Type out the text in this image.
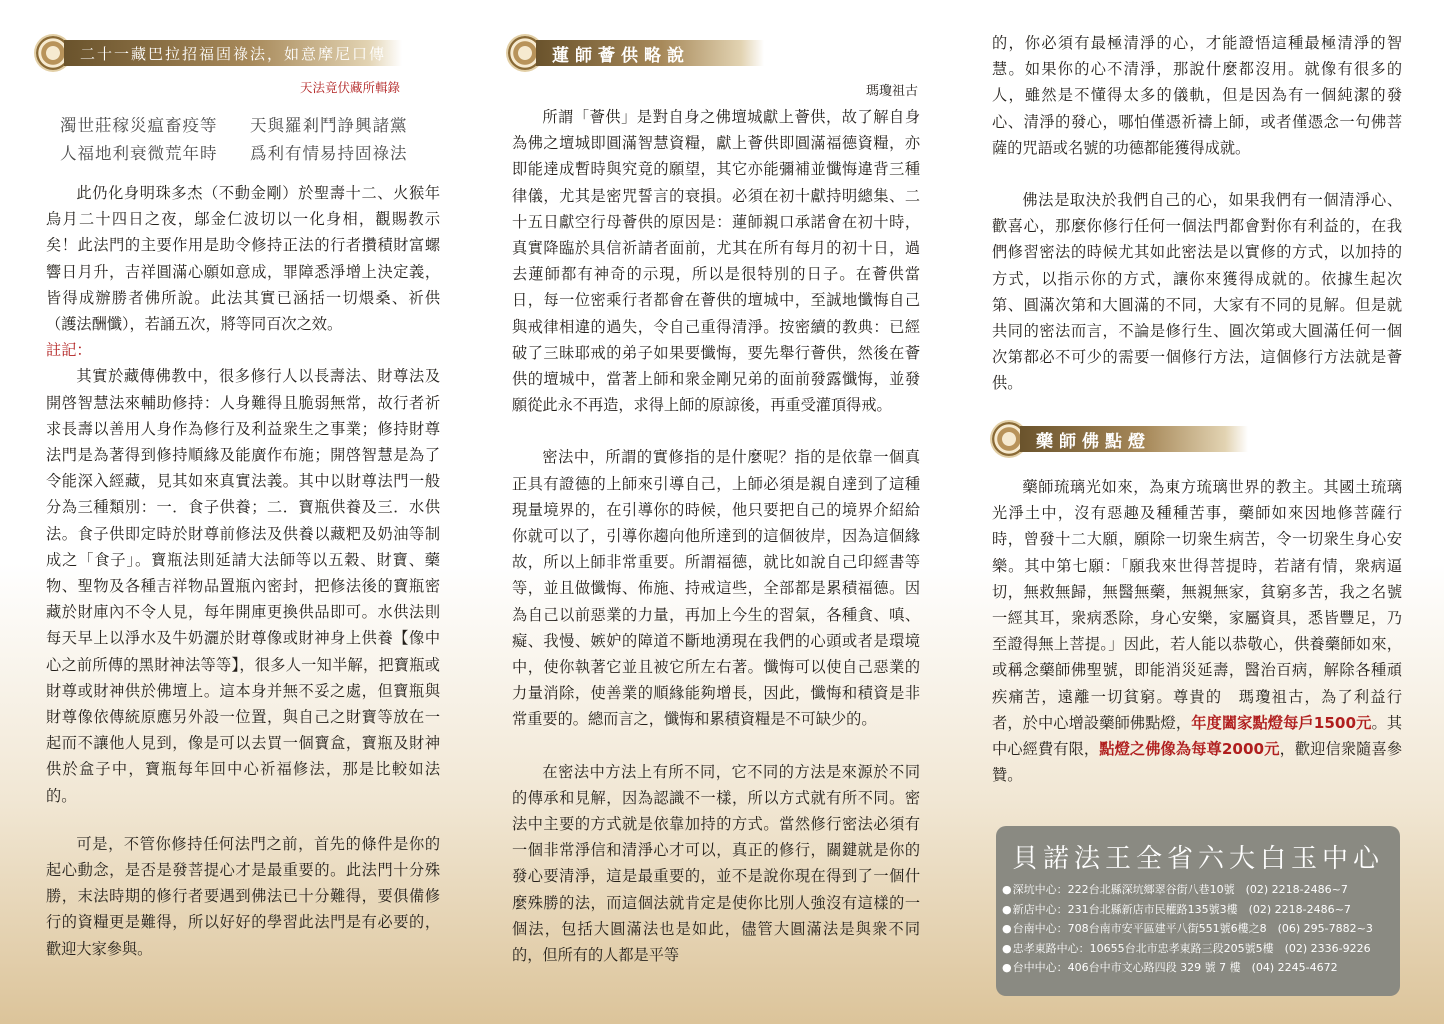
二十一藏巴拉招福固祿法，如意摩尼口傳
天法竟伏藏所輯錄
濁世莊稼災瘟畜疫等 天與羅剎鬥諍興諸黨
人福地利衰微荒年時 爲利有情易持固祿法

此仍化身明珠多杰（不動金剛）於聖壽十二、火猴年烏月二十四日之夜，鄔金仁波切以一化身相，觀賜教示矣！此法門的主要作用是助令修持正法的行者攢積財富螺響日月升，吉祥圓滿心願如意成，罪障悉淨增上決定義，皆得成辦勝者佛所說。此法其實已涵括一切煨桑、祈供（護法酬懺），若誦五次，將等同百次之效。

註記：

其實於藏傳佛教中，很多修行人以長壽法、財尊法及開啓智慧法來輔助修持：人身難得且脆弱無常，故行者祈求長壽以善用人身作為修行及利益衆生之事業；修持財尊法門是為著得到修持順緣及能廣作布施；開啓智慧是為了令能深入經藏，見其如來真實法義。其中以財尊法門一般分為三種類別：一．食子供養；二．寶瓶供養及三．水供法。食子供即定時於財尊前修法及供養以藏粑及奶油等制成之「食子」。寶瓶法則延請大法師等以五穀、財寶、藥物、聖物及各種吉祥物品置瓶內密封，把修法後的寶瓶密藏於財庫內不令人見，每年開庫更換供品即可。水供法則每天早上以淨水及牛奶灑於財尊像或財神身上供養【像中心之前所傳的黑財神法等等】，很多人一知半解，把寶瓶或財尊或財神供於佛壇上。這本身并無不妥之處，但寶瓶與財尊像依傳統原應另外設一位置，與自己之財寶等放在一起而不讓他人見到，像是可以去買一個寶盒，寶瓶及財神供於盒子中，寶瓶每年回中心祈福修法，那是比較如法的。

可是，不管你修持任何法門之前，首先的條件是你的起心動念，是否是發菩提心才是最重要的。此法門十分殊勝，末法時期的修行者要遇到佛法已十分難得，要俱備修行的資糧更是難得，所以好好的學習此法門是有必要的，歡迎大家參與。

蓮師薈供略說
瑪瓊祖古

所謂「薈供」是對自身之佛壇城獻上薈供，故了解自身為佛之壇城即圓滿智慧資糧，獻上薈供即圓滿福德資糧，亦即能達成暫時與究竟的願望，其它亦能彌補並懺悔違背三種律儀，尤其是密咒誓言的衰損。必須在初十獻持明總集、二十五日獻空行母薈供的原因是：蓮師親口承諾會在初十時，真實降臨於具信祈請者面前，尤其在所有每月的初十日，過去蓮師都有神奇的示現，所以是很特別的日子。在薈供當日，每一位密乘行者都會在薈供的壇城中，至誠地懺悔自己與戒律相違的過失，令自己重得清淨。按密續的教典：已經破了三昧耶戒的弟子如果要懺悔，要先舉行薈供，然後在薈供的壇城中，當著上師和衆金剛兄弟的面前發露懺悔，並發願從此永不再造，求得上師的原諒後，再重受灌頂得戒。

密法中，所謂的實修指的是什麼呢？指的是依靠一個真正具有證德的上師來引導自己，上師必須是親自達到了這種現量境界的，在引導你的時候，他只要把自己的境界介紹給你就可以了，引導你趨向他所達到的這個彼岸，因為這個緣故，所以上師非常重要。所謂福德，就比如說自己印經書等等，並且做懺悔、佈施、持戒這些，全部都是累積福德。因為自己以前惡業的力量，再加上今生的習氣，各種貪、嗔、癡、我慢、嫉妒的障道不斷地湧現在我們的心頭或者是環境中，使你執著它並且被它所左右著。懺悔可以使自己惡業的力量消除，使善業的順緣能夠增長，因此，懺悔和積資是非常重要的。總而言之，懺悔和累積資糧是不可缺少的。

在密法中方法上有所不同，它不同的方法是來源於不同的傳承和見解，因為認識不一樣，所以方式就有所不同。密法中主要的方式就是依靠加持的方式。當然修行密法必須有一個非常淨信和清淨心才可以，真正的修行，關鍵就是你的發心要清淨，這是最重要的，並不是說你現在得到了一個什麼殊勝的法，而這個法就肯定是使你比別人強沒有這樣的一個法，包括大圓滿法也是如此，儘管大圓滿法是與衆不同的，但所有的人都是平等

的，你必須有最極清淨的心，才能證悟這種最極清淨的智慧。如果你的心不清淨，那說什麼都沒用。就像有很多的人，雖然是不懂得太多的儀軌，但是因為有一個純潔的發心、清淨的發心，哪怕僅憑祈禱上師，或者僅憑念一句佛菩薩的咒語或名號的功德都能獲得成就。

佛法是取決於我們自己的心，如果我們有一個清淨心、歡喜心，那麼你修行任何一個法門都會對你有利益的，在我們修習密法的時候尤其如此密法是以實修的方式，以加持的方式，以指示你的方式，讓你來獲得成就的。依據生起次第、圓滿次第和大圓滿的不同，大家有不同的見解。但是就共同的密法而言，不論是修行生、圓次第或大圓滿任何一個次第都必不可少的需要一個修行方法，這個修行方法就是薈供。

藥師佛點燈

藥師琉璃光如來，為東方琉璃世界的教主。其國土琉璃光淨土中，沒有惡趣及種種苦事，藥師如來因地修菩薩行時，曾發十二大願，願除一切衆生病苦，令一切衆生身心安樂。其中第七願：「願我來世得菩提時，若諸有情，衆病逼切，無救無歸，無醫無藥，無親無家，貧窮多苦，我之名號一經其耳，衆病悉除，身心安樂，家屬資具，悉皆豐足，乃至證得無上菩提。」因此，若人能以恭敬心，供養藥師如來，或稱念藥師佛聖號，即能消災延壽，醫治百病，解除各種頑疾痛苦，遠離一切貧窮。尊貴的　瑪瓊祖古，為了利益行者，於中心增設藥師佛點燈，年度闔家點燈每戶1500元。其中心經費有限，點燈之佛像為每尊2000元，歡迎信衆隨喜參贊。

貝諾法王全省六大白玉中心
● 深坑中心：222台北縣深坑鄉翠谷街八巷10號　(02) 2218-2486~7
● 新店中心：231台北縣新店市民權路135號3樓　(02) 2218-2486~7
● 台南中心：708台南市安平區建平八街551號6樓之8　(06) 295-7882~3
● 忠孝東路中心：10655台北市忠孝東路三段205號5樓　(02) 2336-9226
● 台中中心：406台中市文心路四段 329 號 7 樓　(04) 2245-4672
